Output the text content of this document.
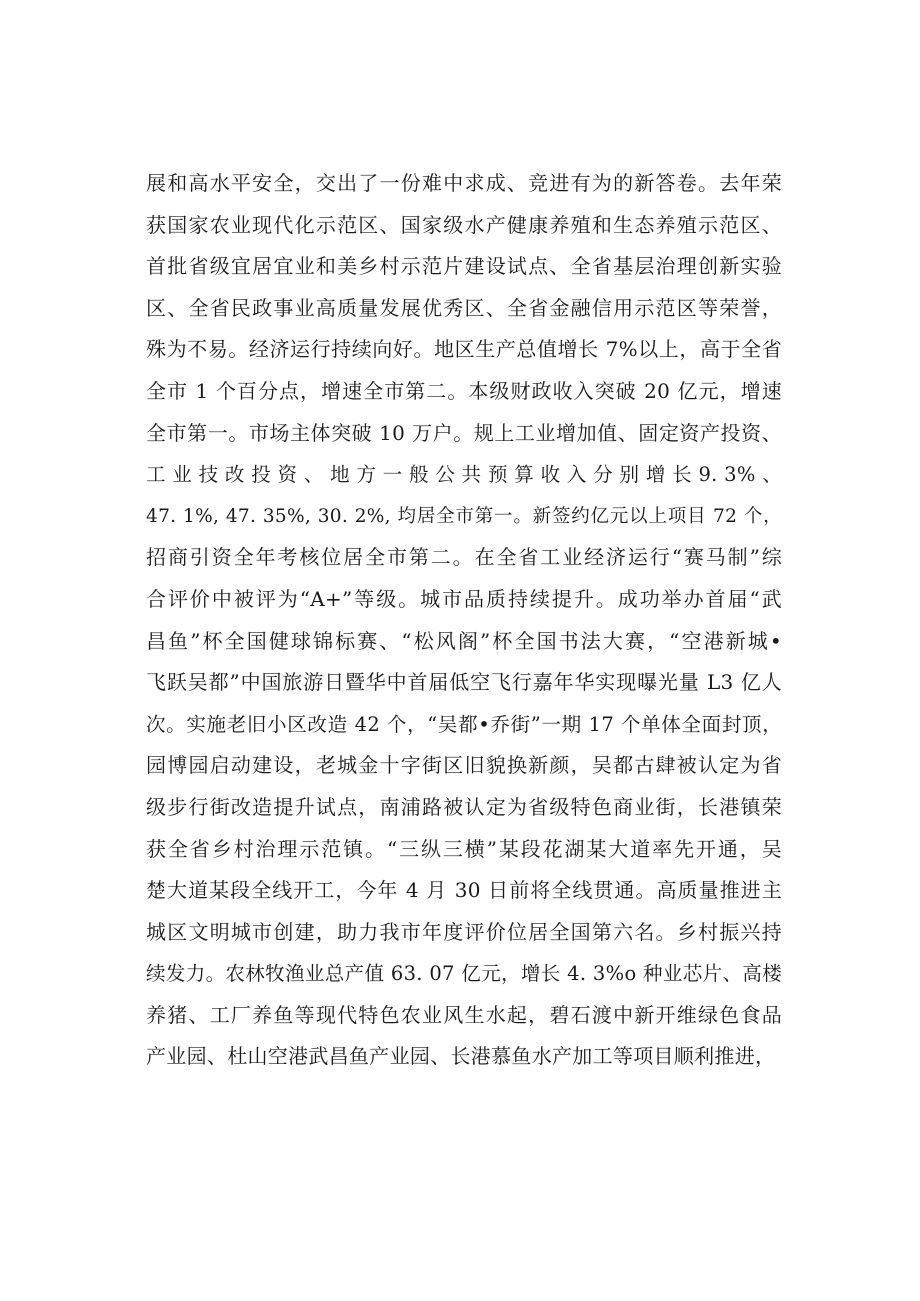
展和高水平安全，交出了一份难中求成、竞进有为的新答卷。去年荣
获国家农业现代化示范区、国家级水产健康养殖和生态养殖示范区、
首批省级宜居宜业和美乡村示范片建设试点、全省基层治理创新实验
区、全省民政事业高质量发展优秀区、全省金融信用示范区等荣誉，
殊为不易。经济运行持续向好。地区生产总值增长 7%以上，高于全省
全市 1 个百分点，增速全市第二。本级财政收入突破 20 亿元，增速
全市第一。市场主体突破 10 万户。规上工业增加值、固定资产投资、
工 业 技 改 投 资 、 地 方 一 般 公 共 预 算 收 入 分 别 增 长 9. 3% 、
47. 1%, 47. 35%, 30. 2%, 均居全市第一。新签约亿元以上项目 72 个，
招商引资全年考核位居全市第二。在全省工业经济运行“赛马制”综
合评价中被评为“A+”等级。城市品质持续提升。成功举办首届“武
昌鱼”杯全国健球锦标赛、“松风阁”杯全国书法大赛，“空港新城•
飞跃吴都”中国旅游日暨华中首届低空飞行嘉年华实现曝光量 L3 亿人
次。实施老旧小区改造 42 个，“吴都•乔街”一期 17 个单体全面封顶，
园博园启动建设，老城金十字街区旧貌换新颜，吴都古肆被认定为省
级步行街改造提升试点，南浦路被认定为省级特色商业街，长港镇荣
获全省乡村治理示范镇。“三纵三横”某段花湖某大道率先开通，吴
楚大道某段全线开工，今年 4 月 30 日前将全线贯通。高质量推进主
城区文明城市创建，助力我市年度评价位居全国第六名。乡村振兴持
续发力。农林牧渔业总产值 63. 07 亿元，增长 4. 3%o 种业芯片、高楼
养猪、工厂养鱼等现代特色农业风生水起，碧石渡中新开维绿色食品
产业园、杜山空港武昌鱼产业园、长港慕鱼水产加工等项目顺利推进，
